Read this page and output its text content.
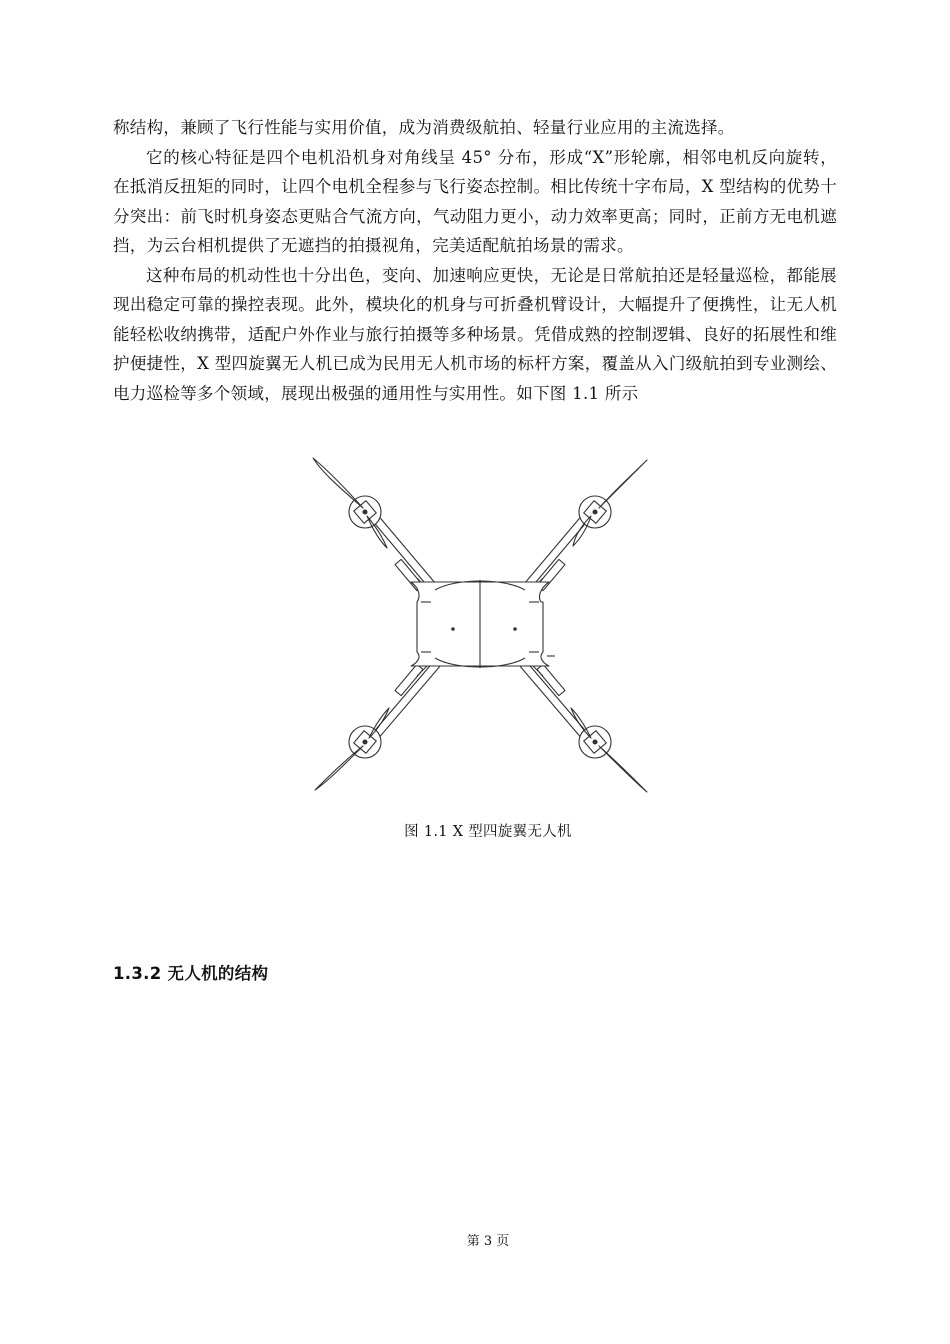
称结构，兼顾了飞行性能与实用价值，成为消费级航拍、轻量行业应用的主流选择。

它的核心特征是四个电机沿机身对角线呈 45° 分布，形成“X”形轮廓，相邻电机反向旋转，在抵消反扭矩的同时，让四个电机全程参与飞行姿态控制。相比传统十字布局，X 型结构的优势十分突出：前飞时机身姿态更贴合气流方向，气动阻力更小，动力效率更高；同时，正前方无电机遮挡，为云台相机提供了无遮挡的拍摄视角，完美适配航拍场景的需求。

这种布局的机动性也十分出色，变向、加速响应更快，无论是日常航拍还是轻量巡检，都能展现出稳定可靠的操控表现。此外，模块化的机身与可折叠机臂设计，大幅提升了便携性，让无人机能轻松收纳携带，适配户外作业与旅行拍摄等多种场景。凭借成熟的控制逻辑、良好的拓展性和维护便捷性，X 型四旋翼无人机已成为民用无人机市场的标杆方案，覆盖从入门级航拍到专业测绘、电力巡检等多个领域，展现出极强的通用性与实用性。如下图 1.1 所示

图 1.1 X 型四旋翼无人机
1.3.2 无人机的结构
第 3 页
